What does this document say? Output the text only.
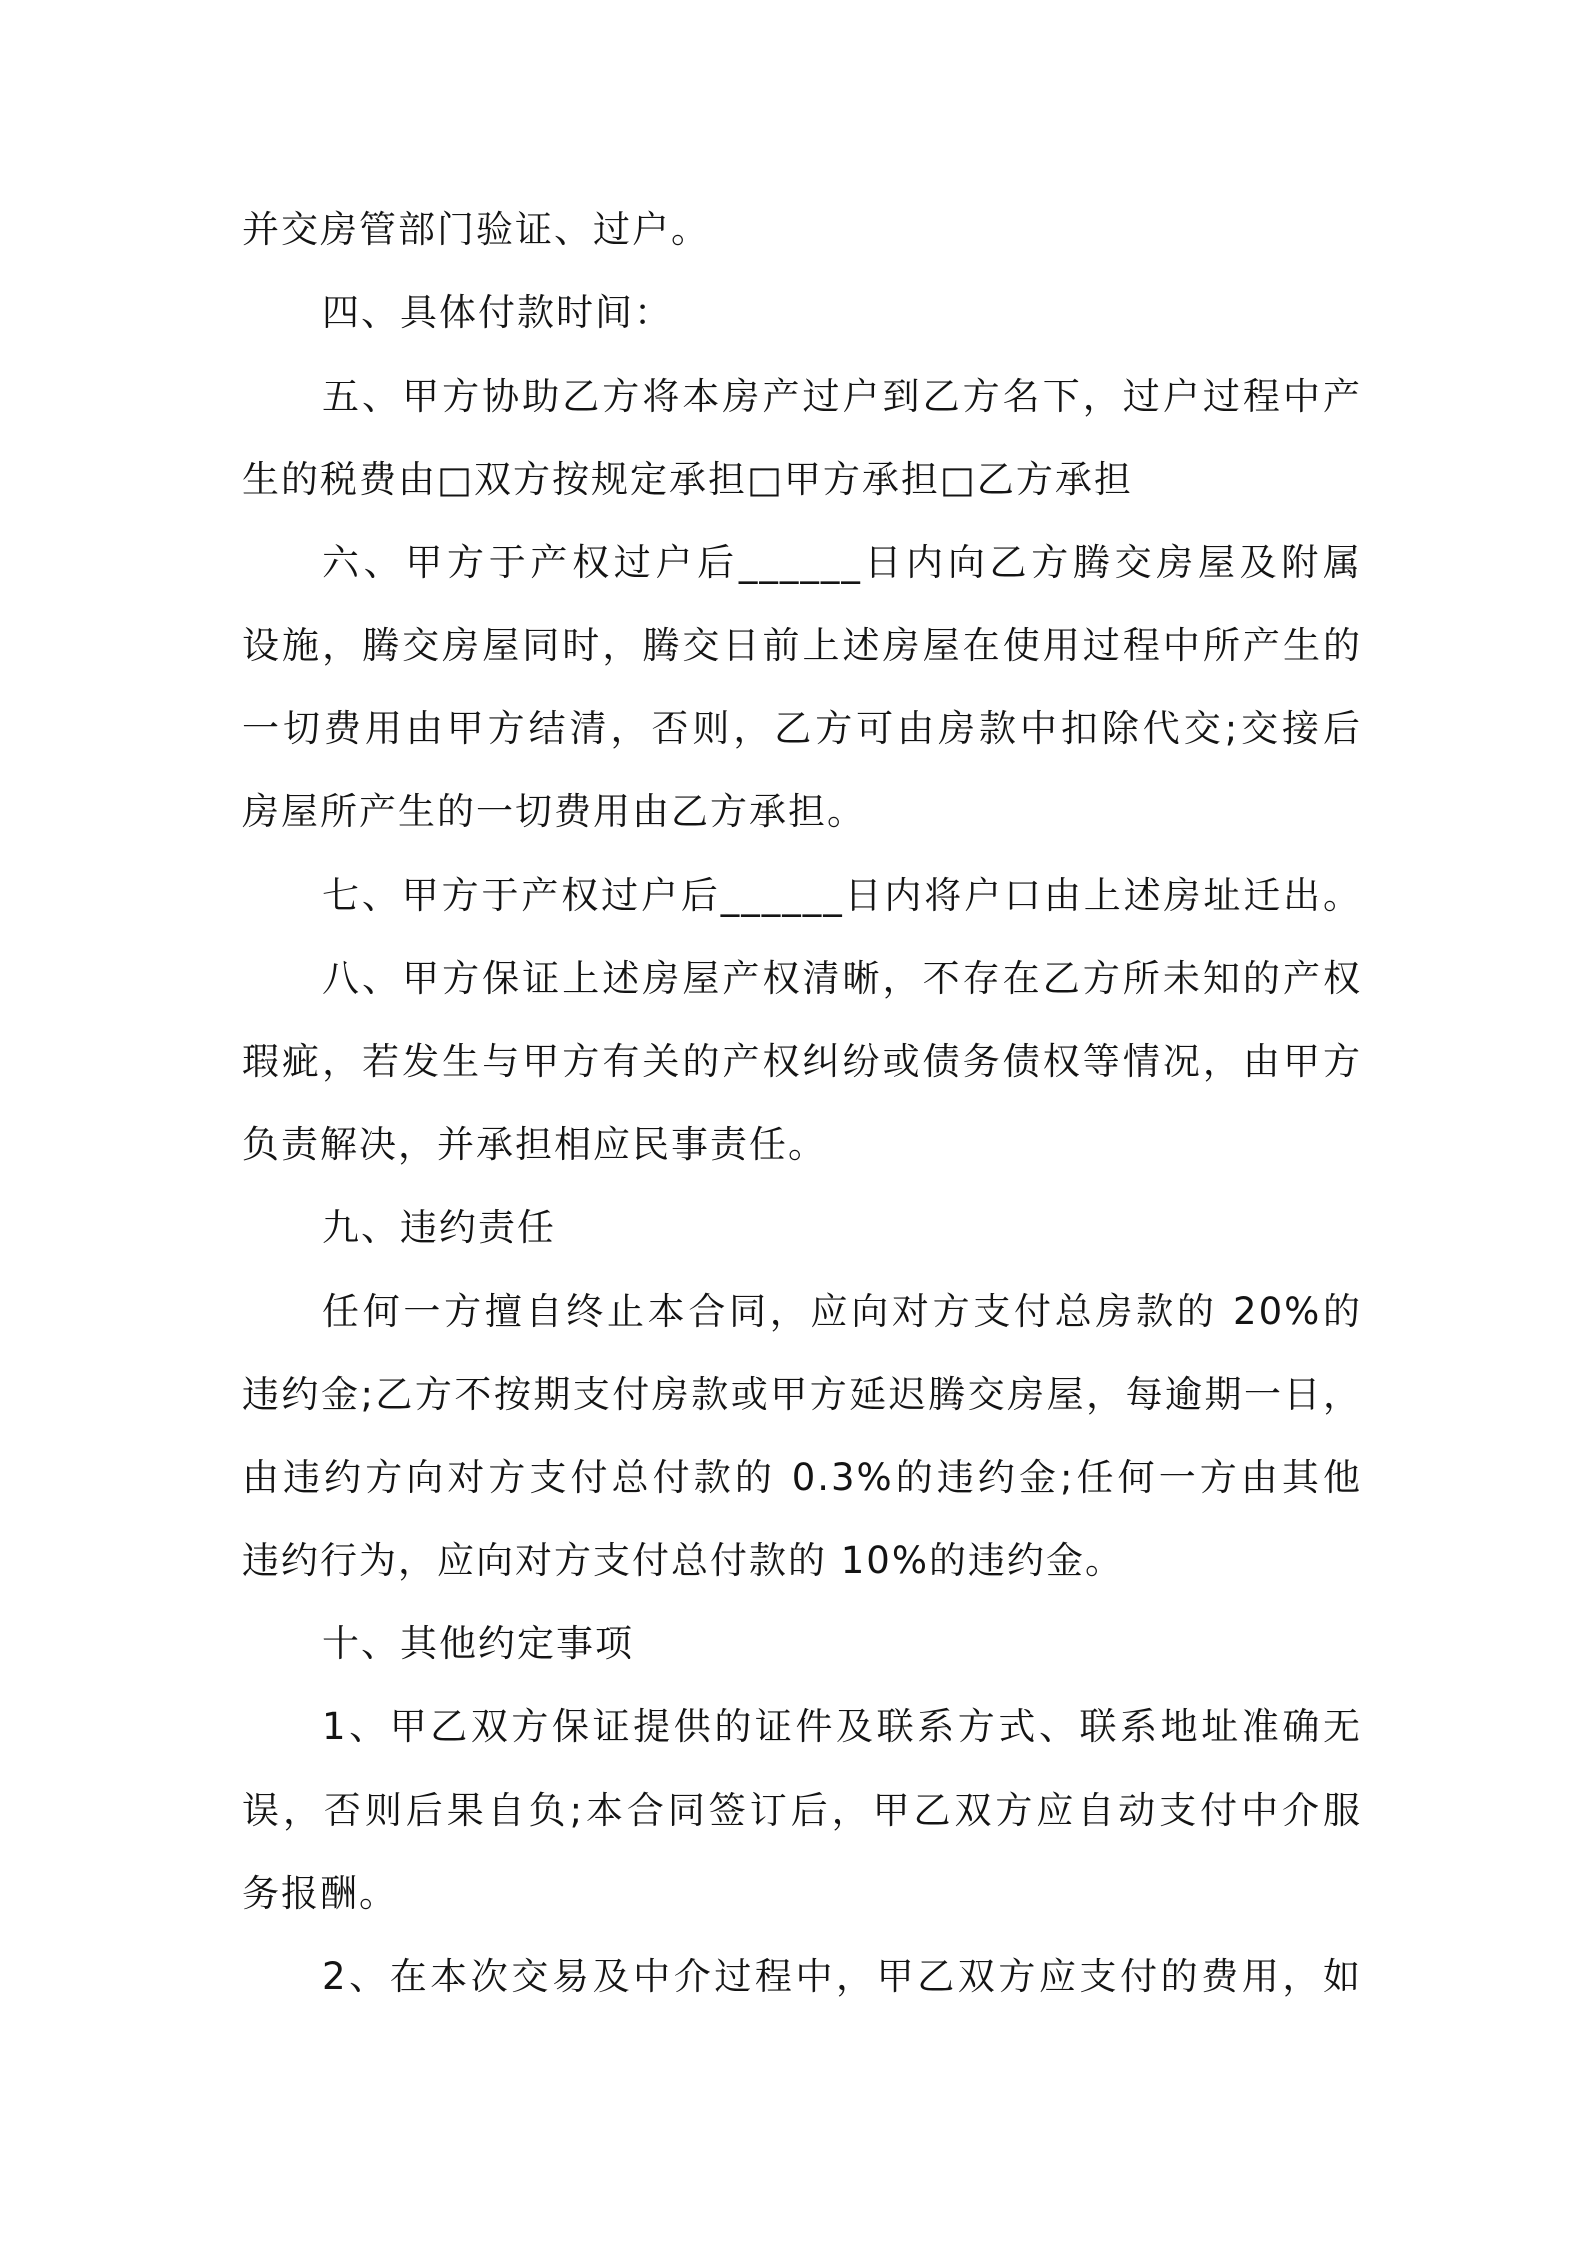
并交房管部门验证、过户。
四、具体付款时间：
五、甲方协助乙方将本房产过户到乙方名下，过户过程中产
生的税费由□双方按规定承担□甲方承担□乙方承担
六、甲方于产权过户后______日内向乙方腾交房屋及附属
设施，腾交房屋同时，腾交日前上述房屋在使用过程中所产生的
一切费用由甲方结清，否则，乙方可由房款中扣除代交;交接后
房屋所产生的一切费用由乙方承担。
七、甲方于产权过户后______日内将户口由上述房址迁出。
八、甲方保证上述房屋产权清晰，不存在乙方所未知的产权
瑕疵，若发生与甲方有关的产权纠纷或债务债权等情况，由甲方
负责解决，并承担相应民事责任。
九、违约责任
任何一方擅自终止本合同，应向对方支付总房款的 20%的
违约金;乙方不按期支付房款或甲方延迟腾交房屋，每逾期一日，
由违约方向对方支付总付款的 0.3%的违约金;任何一方由其他
违约行为，应向对方支付总付款的 10%的违约金。
十、其他约定事项
1、甲乙双方保证提供的证件及联系方式、联系地址准确无
误，否则后果自负;本合同签订后，甲乙双方应自动支付中介服
务报酬。
2、在本次交易及中介过程中，甲乙双方应支付的费用，如
